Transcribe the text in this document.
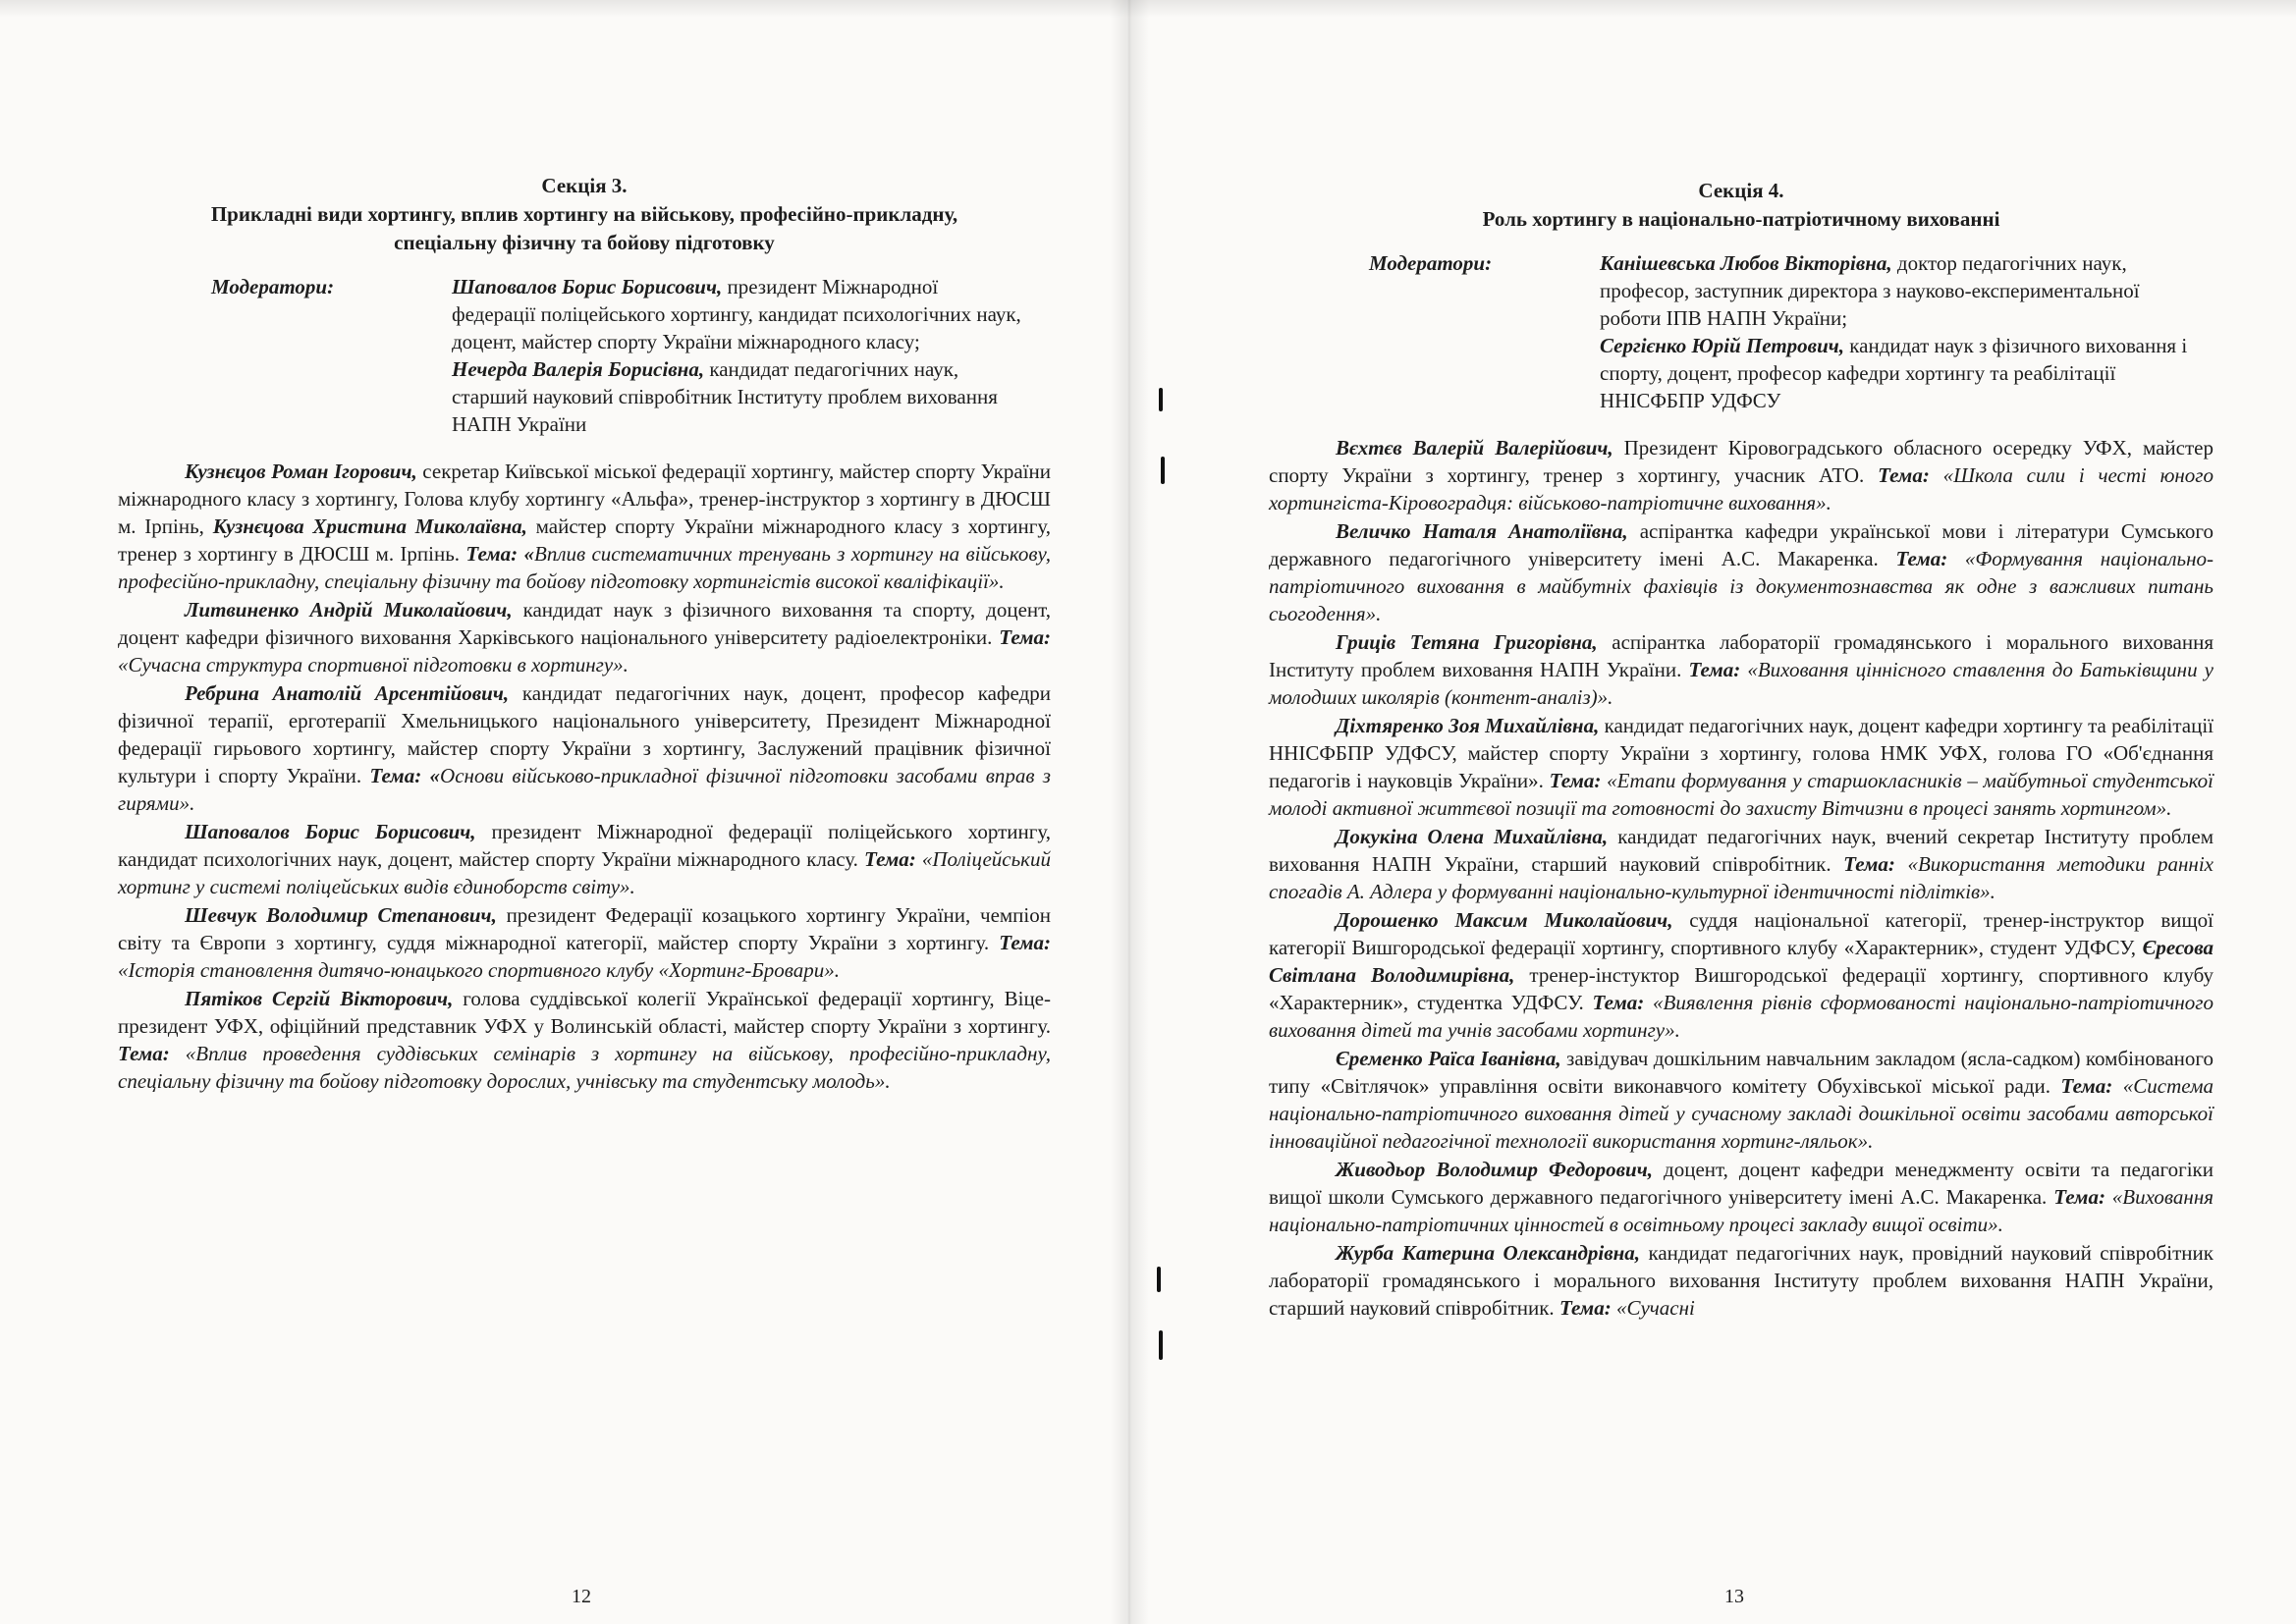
Секція 3.
Прикладні види хортингу, вплив хортингу на військову, професійно-прикладну,
спеціальну фізичну та бойову підготовку
Модератори:	Шаповалов Борис Борисович, президент Міжнародної федерації поліцейського хортингу, кандидат психологічних наук, доцент, майстер спорту України міжнародного класу;
Нечерда Валерія Борисівна, кандидат педагогічних наук, старший науковий співробітник Інституту проблем виховання НАПН України

Кузнєцов Роман Ігорович, секретар Київської міської федерації хортингу, майстер спорту України міжнародного класу з хортингу, Голова клубу хортингу «Альфа», тренер-інструктор з хортингу в ДЮСШ м. Ірпінь, Кузнєцова Христина Миколаївна, майстер спорту України міжнародного класу з хортингу, тренер з хортингу в ДЮСШ м. Ірпінь. Тема: «Вплив систематичних тренувань з хортингу на військову, професійно-прикладну, спеціальну фізичну та бойову підготовку хортингістів високої кваліфікації».

Литвиненко Андрій Миколайович, кандидат наук з фізичного виховання та спорту, доцент, доцент кафедри фізичного виховання Харківського національного університету радіоелектроніки. Тема: «Сучасна структура спортивної підготовки в хортингу».

Ребрина Анатолій Арсентійович, кандидат педагогічних наук, доцент, професор кафедри фізичної терапії, ерготерапії Хмельницького національного університету, Президент Міжнародної федерації гирьового хортингу, майстер спорту України з хортингу, Заслужений працівник фізичної культури і спорту України. Тема: «Основи військово-прикладної фізичної підготовки засобами вправ з гирями».

Шаповалов Борис Борисович, президент Міжнародної федерації поліцейського хортингу, кандидат психологічних наук, доцент, майстер спорту України міжнародного класу. Тема: «Поліцейський хортинг у системі поліцейських видів єдиноборств світу».

Шевчук Володимир Степанович, президент Федерації козацького хортингу України, чемпіон світу та Європи з хортингу, суддя міжнародної категорії, майстер спорту України з хортингу. Тема: «Історія становлення дитячо-юнацького спортивного клубу «Хортинг-Бровари».

Пятіков Сергій Вікторович, голова суддівської колегії Української федерації хортингу, Віце-президент УФХ, офіційний представник УФХ у Волинській області, майстер спорту України з хортингу. Тема: «Вплив проведення суддівських семінарів з хортингу на військову, професійно-прикладну, спеціальну фізичну та бойову підготовку дорослих, учнівську та студентську молодь».

12
Секція 4.
Роль хортингу в національно-патріотичному вихованні
Модератори:	Канішевська Любов Вікторівна, доктор педагогічних наук, професор, заступник директора з науково-експериментальної роботи ІПВ НАПН України;
Сергієнко Юрій Петрович, кандидат наук з фізичного виховання і спорту, доцент, професор кафедри хортингу та реабілітації ННІСФБПР УДФСУ

Вєхтєв Валерій Валерійович, Президент Кіровоградського обласного осередку УФХ, майстер спорту України з хортингу, тренер з хортингу, учасник АТО. Тема: «Школа сили і честі юного хортингіста-Кіровоградця: військово-патріотичне виховання».

Величко Наталя Анатоліївна, аспірантка кафедри української мови і літератури Сумського державного педагогічного університету імені А.С. Макаренка. Тема: «Формування національно-патріотичного виховання в майбутніх фахівців із документознавства як одне з важливих питань сьогодення».

Гриців Тетяна Григорівна, аспірантка лабораторії громадянського і морального виховання Інституту проблем виховання НАПН України. Тема: «Виховання ціннісного ставлення до Батьківщини у молодших школярів (контент-аналіз)».

Діхтяренко Зоя Михайлівна, кандидат педагогічних наук, доцент кафедри хортингу та реабілітації ННІСФБПР УДФСУ, майстер спорту України з хортингу, голова НМК УФХ, голова ГО «Об'єднання педагогів і науковців України». Тема: «Етапи формування у старшокласників – майбутньої студентської молоді активної життєвої позиції та готовності до захисту Вітчизни в процесі занять хортингом».

Докукіна Олена Михайлівна, кандидат педагогічних наук, вчений секретар Інституту проблем виховання НАПН України, старший науковий співробітник. Тема: «Використання методики ранніх спогадів А. Адлера у формуванні національно-культурної ідентичності підлітків».

Дорошенко Максим Миколайович, суддя національної категорії, тренер-інструктор вищої категорії Вишгородської федерації хортингу, спортивного клубу «Характерник», студент УДФСУ, Єресова Світлана Володимирівна, тренер-інстуктор Вишгородської федерації хортингу, спортивного клубу «Характерник», студентка УДФСУ. Тема: «Виявлення рівнів сформованості національно-патріотичного виховання дітей та учнів засобами хортингу».

Єременко Раїса Іванівна, завідувач дошкільним навчальним закладом (ясла-садком) комбінованого типу «Світлячок» управління освіти виконавчого комітету Обухівської міської ради. Тема: «Система національно-патріотичного виховання дітей у сучасному закладі дошкільної освіти засобами авторської інноваційної педагогічної технології використання хортинг-ляльок».

Живодьор Володимир Федорович, доцент, доцент кафедри менеджменту освіти та педагогіки вищої школи Сумського державного педагогічного університету імені А.С. Макаренка. Тема: «Виховання національно-патріотичних цінностей в освітньому процесі закладу вищої освіти».

Журба Катерина Олександрівна, кандидат педагогічних наук, провідний науковий співробітник лабораторії громадянського і морального виховання Інституту проблем виховання НАПН України, старший науковий співробітник. Тема: «Сучасні

13
